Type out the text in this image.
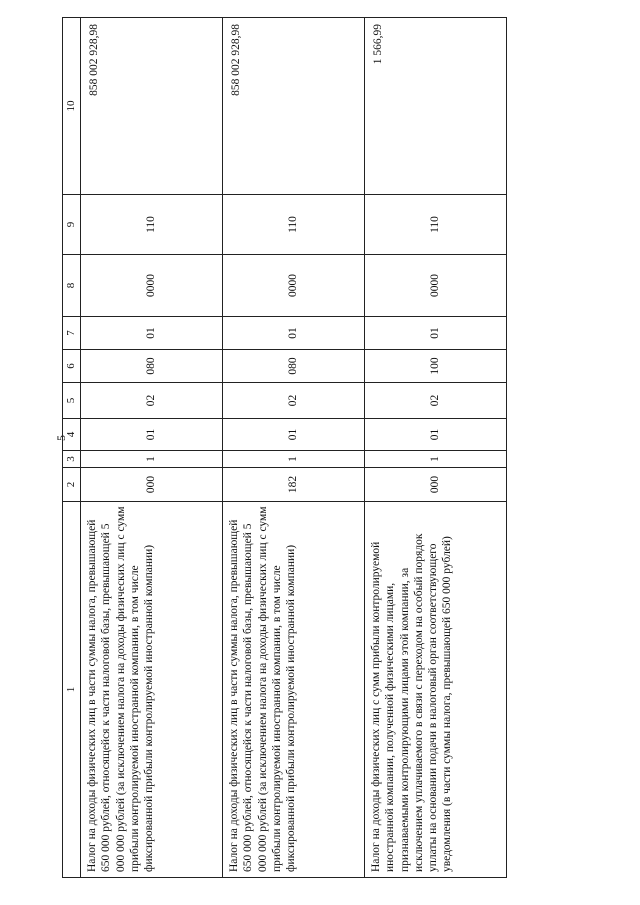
5
1	2	3	4	5	6	7	8	9	10
Налог на доходы физических лиц в части суммы налога, превышающей 650 000 рублей, относящейся к части налоговой базы, превышающей 5 000 000 рублей (за исключением налога на доходы физических лиц с сумм прибыли контролируемой иностранной компании, в том числе фиксированной прибыли контролируемой иностранной компании)	000	1	01	02	080	01	0000	110	858 002 928,98
Налог на доходы физических лиц в части суммы налога, превышающей 650 000 рублей, относящейся к части налоговой базы, превышающей 5 000 000 рублей (за исключением налога на доходы физических лиц с сумм прибыли контролируемой иностранной компании, в том числе фиксированной прибыли контролируемой иностранной компании)	182	1	01	02	080	01	0000	110	858 002 928,98
Налог на доходы физических лиц с сумм прибыли контролируемой иностранной компании, полученной физическими лицами, признаваемыми контролирующими лицами этой компании, за исключением уплачиваемого в связи с переходом на особый порядок уплаты на основании подачи в налоговый орган соответствующего уведомления (в части суммы налога, превышающей 650 000 рублей)	000	1	01	02	100	01	0000	110	1 566,99
